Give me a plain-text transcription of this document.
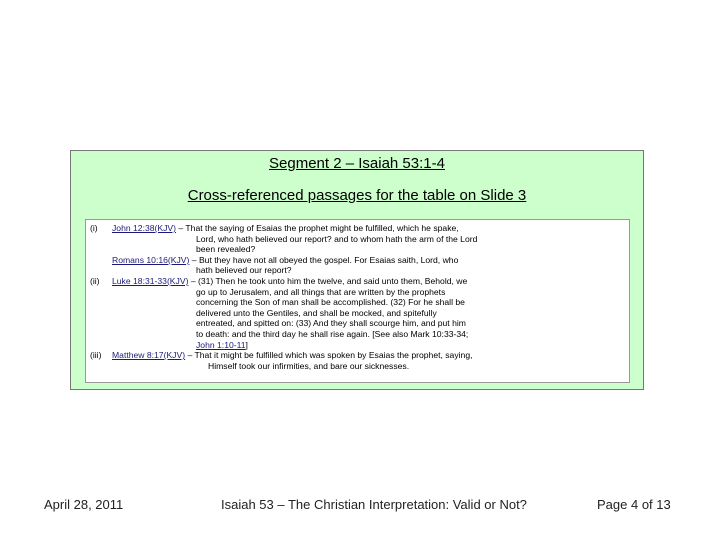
Segment 2 – Isaiah 53:1-4
Cross-referenced passages for the table on Slide 3
(i)	John 12:38(KJV) – That the saying of Esaias the prophet might be fulfilled, which he spake,
Lord, who hath believed our report? and to whom hath the arm of the Lord
been revealed?
Romans 10:16(KJV) – But they have not all obeyed the gospel. For Esaias saith, Lord, who
hath believed our report?
(ii)	Luke 18:31-33(KJV) – (31) Then he took unto him the twelve, and said unto them, Behold, we
go up to Jerusalem, and all things that are written by the prophets
concerning the Son of man shall be accomplished. (32) For he shall be
delivered unto the Gentiles, and shall be mocked, and spitefully
entreated, and spitted on: (33) And they shall scourge him, and put him
to death: and the third day he shall rise again. [See also Mark 10:33-34;
John 1:10-11]
(iii)	Matthew 8:17(KJV) – That it might be fulfilled which was spoken by Esaias the prophet, saying,
Himself took our infirmities, and bare our sicknesses.
April 28, 2011	Isaiah 53 – The Christian Interpretation: Valid or Not?	Page 4 of 13
